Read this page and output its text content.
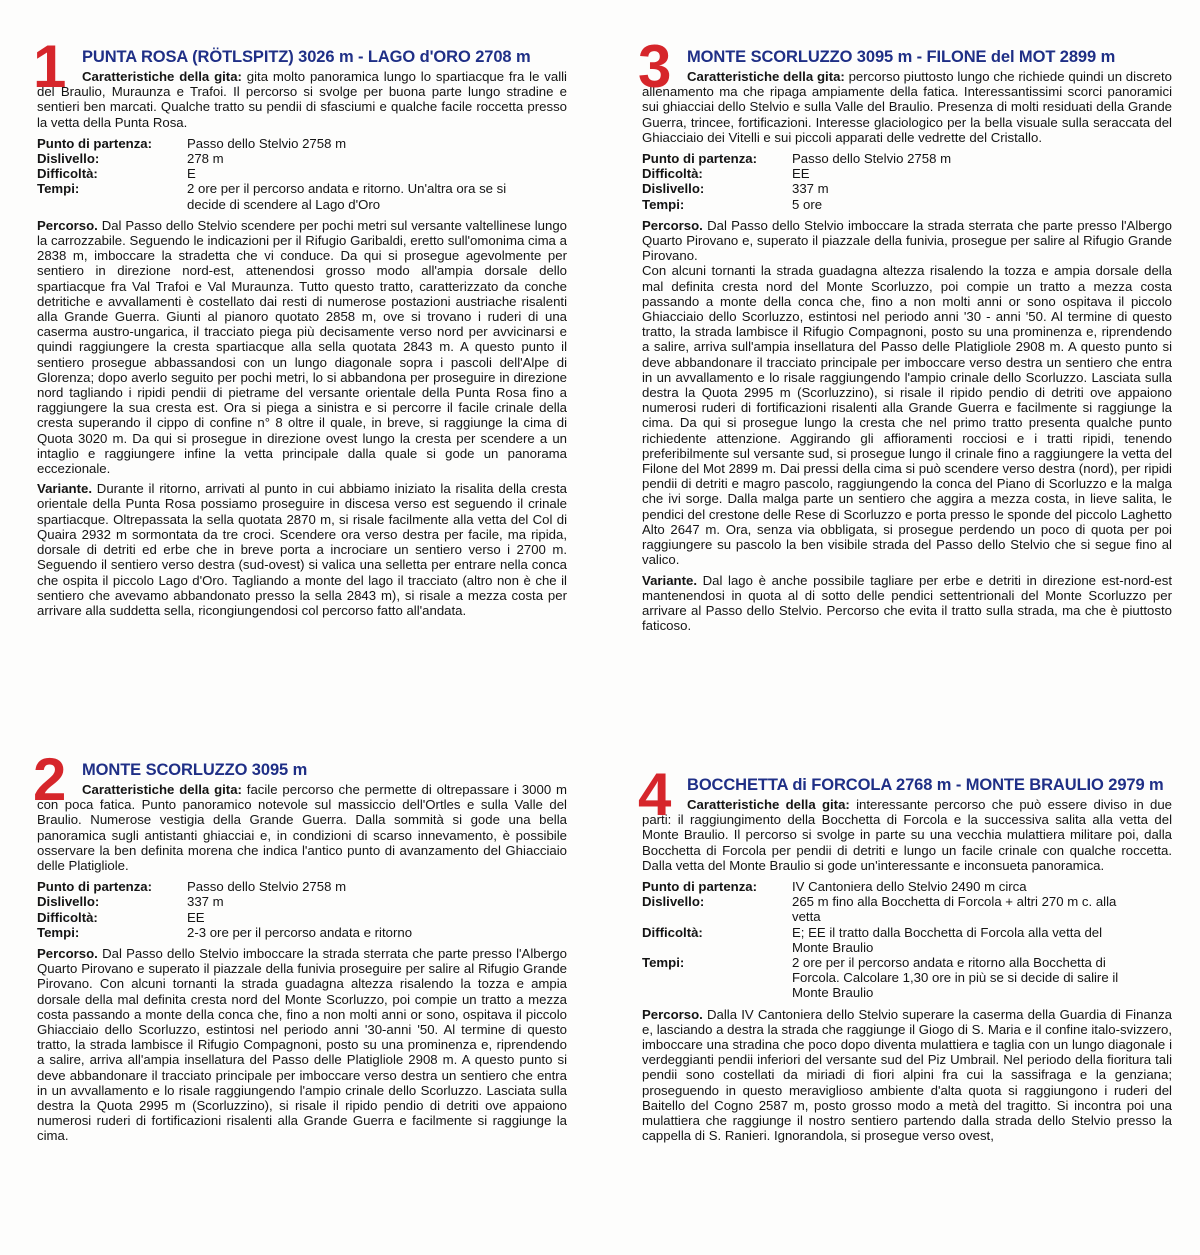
1 PUNTA ROSA (RÖTLSPITZ) 3026 m - LAGO d'ORO 2708 m

Caratteristiche della gita: gita molto panoramica lungo lo spartiacque fra le valli del Braulio, Muraunza e Trafoi. Il percorso si svolge per buona parte lungo stradine e sentieri ben marcati. Qualche tratto su pendii di sfasciumi e qualche facile roccetta presso la vetta della Punta Rosa.

Punto di partenza:	Passo dello Stelvio 2758 m
Dislivello:	278 m
Difficoltà:	E
Tempi:	2 ore per il percorso andata e ritorno. Un'altra ora se si decide di scendere al Lago d'Oro

Percorso. Dal Passo dello Stelvio scendere per pochi metri sul versante valtellinese lungo la carrozzabile. Seguendo le indicazioni per il Rifugio Garibaldi, eretto sull'omonima cima a 2838 m, imboccare la stradetta che vi conduce. Da qui si prosegue agevolmente per sentiero in direzione nord-est, attenendosi grosso modo all'ampia dorsale dello spartiacque fra Val Trafoi e Val Muraunza. Tutto questo tratto, caratterizzato da conche detritiche e avvallamenti è costellato dai resti di numerose postazioni austriache risalenti alla Grande Guerra. Giunti al pianoro quotato 2858 m, ove si trovano i ruderi di una caserma austro-ungarica, il tracciato piega più decisamente verso nord per avvicinarsi e quindi raggiungere la cresta spartiacque alla sella quotata 2843 m. A questo punto il sentiero prosegue abbassandosi con un lungo diagonale sopra i pascoli dell'Alpe di Glorenza; dopo averlo seguito per pochi metri, lo si abbandona per proseguire in direzione nord tagliando i ripidi pendii di pietrame del versante orientale della Punta Rosa fino a raggiungere la sua cresta est. Ora si piega a sinistra e si percorre il facile crinale della cresta superando il cippo di confine n° 8 oltre il quale, in breve, si raggiunge la cima di Quota 3020 m. Da qui si prosegue in direzione ovest lungo la cresta per scendere a un intaglio e raggiungere infine la vetta principale dalla quale si gode un panorama eccezionale.

Variante. Durante il ritorno, arrivati al punto in cui abbiamo iniziato la risalita della cresta orientale della Punta Rosa possiamo proseguire in discesa verso est seguendo il crinale spartiacque. Oltrepassata la sella quotata 2870 m, si risale facilmente alla vetta del Col di Quaira 2932 m sormontata da tre croci. Scendere ora verso destra per facile, ma ripida, dorsale di detriti ed erbe che in breve porta a incrociare un sentiero verso i 2700 m. Seguendo il sentiero verso destra (sud-ovest) si valica una selletta per entrare nella conca che ospita il piccolo Lago d'Oro. Tagliando a monte del lago il tracciato (altro non è che il sentiero che avevamo abbandonato presso la sella 2843 m), si risale a mezza costa per arrivare alla suddetta sella, ricongiungendosi col percorso fatto all'andata.

2 MONTE SCORLUZZO 3095 m

Caratteristiche della gita: facile percorso che permette di oltrepassare i 3000 m con poca fatica. Punto panoramico notevole sul massiccio dell'Ortles e sulla Valle del Braulio. Numerose vestigia della Grande Guerra. Dalla sommità si gode una bella panoramica sugli antistanti ghiacciai e, in condizioni di scarso innevamento, è possibile osservare la ben definita morena che indica l'antico punto di avanzamento del Ghiacciaio delle Platigliole.

Punto di partenza:	Passo dello Stelvio 2758 m
Dislivello:	337 m
Difficoltà:	EE
Tempi:	2-3 ore per il percorso andata e ritorno

Percorso. Dal Passo dello Stelvio imboccare la strada sterrata che parte presso l'Albergo Quarto Pirovano e superato il piazzale della funivia proseguire per salire al Rifugio Grande Pirovano. Con alcuni tornanti la strada guadagna altezza risalendo la tozza e ampia dorsale della mal definita cresta nord del Monte Scorluzzo, poi compie un tratto a mezza costa passando a monte della conca che, fino a non molti anni or sono, ospitava il piccolo Ghiacciaio dello Scorluzzo, estintosi nel periodo anni '30-anni '50. Al termine di questo tratto, la strada lambisce il Rifugio Compagnoni, posto su una prominenza e, riprendendo a salire, arriva all'ampia insellatura del Passo delle Platigliole 2908 m. A questo punto si deve abbandonare il tracciato principale per imboccare verso destra un sentiero che entra in un avvallamento e lo risale raggiungendo l'ampio crinale dello Scorluzzo. Lasciata sulla destra la Quota 2995 m (Scorluzzino), si risale il ripido pendio di detriti ove appaiono numerosi ruderi di fortificazioni risalenti alla Grande Guerra e facilmente si raggiunge la cima.

3 MONTE SCORLUZZO 3095 m - FILONE del MOT 2899 m

Caratteristiche della gita: percorso piuttosto lungo che richiede quindi un discreto allenamento ma che ripaga ampiamente della fatica. Interessantissimi scorci panoramici sui ghiacciai dello Stelvio e sulla Valle del Braulio. Presenza di molti residuati della Grande Guerra, trincee, fortificazioni. Interesse glaciologico per la bella visuale sulla seraccata del Ghiacciaio dei Vitelli e sui piccoli apparati delle vedrette del Cristallo.

Punto di partenza:	Passo dello Stelvio 2758 m
Difficoltà:	EE
Dislivello:	337 m
Tempi:	5 ore

Percorso. Dal Passo dello Stelvio imboccare la strada sterrata che parte presso l'Albergo Quarto Pirovano e, superato il piazzale della funivia, prosegue per salire al Rifugio Grande Pirovano.

Con alcuni tornanti la strada guadagna altezza risalendo la tozza e ampia dorsale della mal definita cresta nord del Monte Scorluzzo, poi compie un tratto a mezza costa passando a monte della conca che, fino a non molti anni or sono ospitava il piccolo Ghiacciaio dello Scorluzzo, estintosi nel periodo anni '30 - anni '50. Al termine di questo tratto, la strada lambisce il Rifugio Compagnoni, posto su una prominenza e, riprendendo a salire, arriva sull'ampia insellatura del Passo delle Platigliole 2908 m. A questo punto si deve abbandonare il tracciato principale per imboccare verso destra un sentiero che entra in un avvallamento e lo risale raggiungendo l'ampio crinale dello Scorluzzo. Lasciata sulla destra la Quota 2995 m (Scorluzzino), si risale il ripido pendio di detriti ove appaiono numerosi ruderi di fortificazioni risalenti alla Grande Guerra e facilmente si raggiunge la cima. Da qui si prosegue lungo la cresta che nel primo tratto presenta qualche punto richiedente attenzione. Aggirando gli affioramenti rocciosi e i tratti ripidi, tenendo preferibilmente sul versante sud, si prosegue lungo il crinale fino a raggiungere la vetta del Filone del Mot 2899 m. Dai pressi della cima si può scendere verso destra (nord), per ripidi pendii di detriti e magro pascolo, raggiungendo la conca del Piano di Scorluzzo e la malga che ivi sorge. Dalla malga parte un sentiero che aggira a mezza costa, in lieve salita, le pendici del crestone delle Rese di Scorluzzo e porta presso le sponde del piccolo Laghetto Alto 2647 m. Ora, senza via obbligata, si prosegue perdendo un poco di quota per poi raggiungere su pascolo la ben visibile strada del Passo dello Stelvio che si segue fino al valico.

Variante. Dal lago è anche possibile tagliare per erbe e detriti in direzione est-nord-est mantenendosi in quota al di sotto delle pendici settentrionali del Monte Scorluzzo per arrivare al Passo dello Stelvio. Percorso che evita il tratto sulla strada, ma che è piuttosto faticoso.

4 BOCCHETTA di FORCOLA 2768 m - MONTE BRAULIO 2979 m

Caratteristiche della gita: interessante percorso che può essere diviso in due parti: il raggiungimento della Bocchetta di Forcola e la successiva salita alla vetta del Monte Braulio. Il percorso si svolge in parte su una vecchia mulattiera militare poi, dalla Bocchetta di Forcola per pendii di detriti e lungo un facile crinale con qualche roccetta. Dalla vetta del Monte Braulio si gode un'interessante e inconsueta panoramica.

Punto di partenza:	IV Cantoniera dello Stelvio 2490 m circa
Dislivello:	265 m fino alla Bocchetta di Forcola + altri 270 m c. alla vetta
Difficoltà:	E; EE il tratto dalla Bocchetta di Forcola alla vetta del Monte Braulio
Tempi:	2 ore per il percorso andata e ritorno alla Bocchetta di Forcola. Calcolare 1,30 ore in più se si decide di salire il Monte Braulio

Percorso. Dalla IV Cantoniera dello Stelvio superare la caserma della Guardia di Finanza e, lasciando a destra la strada che raggiunge il Giogo di S. Maria e il confine italo-svizzero, imboccare una stradina che poco dopo diventa mulattiera e taglia con un lungo diagonale i verdeggianti pendii inferiori del versante sud del Piz Umbrail. Nel periodo della fioritura tali pendii sono costellati da miriadi di fiori alpini fra cui la sassifraga e la genziana; proseguendo in questo meraviglioso ambiente d'alta quota si raggiungono i ruderi del Baitello del Cogno 2587 m, posto grosso modo a metà del tragitto. Si incontra poi una mulattiera che raggiunge il nostro sentiero partendo dalla strada dello Stelvio presso la cappella di S. Ranieri. Ignorandola, si prosegue verso ovest,
